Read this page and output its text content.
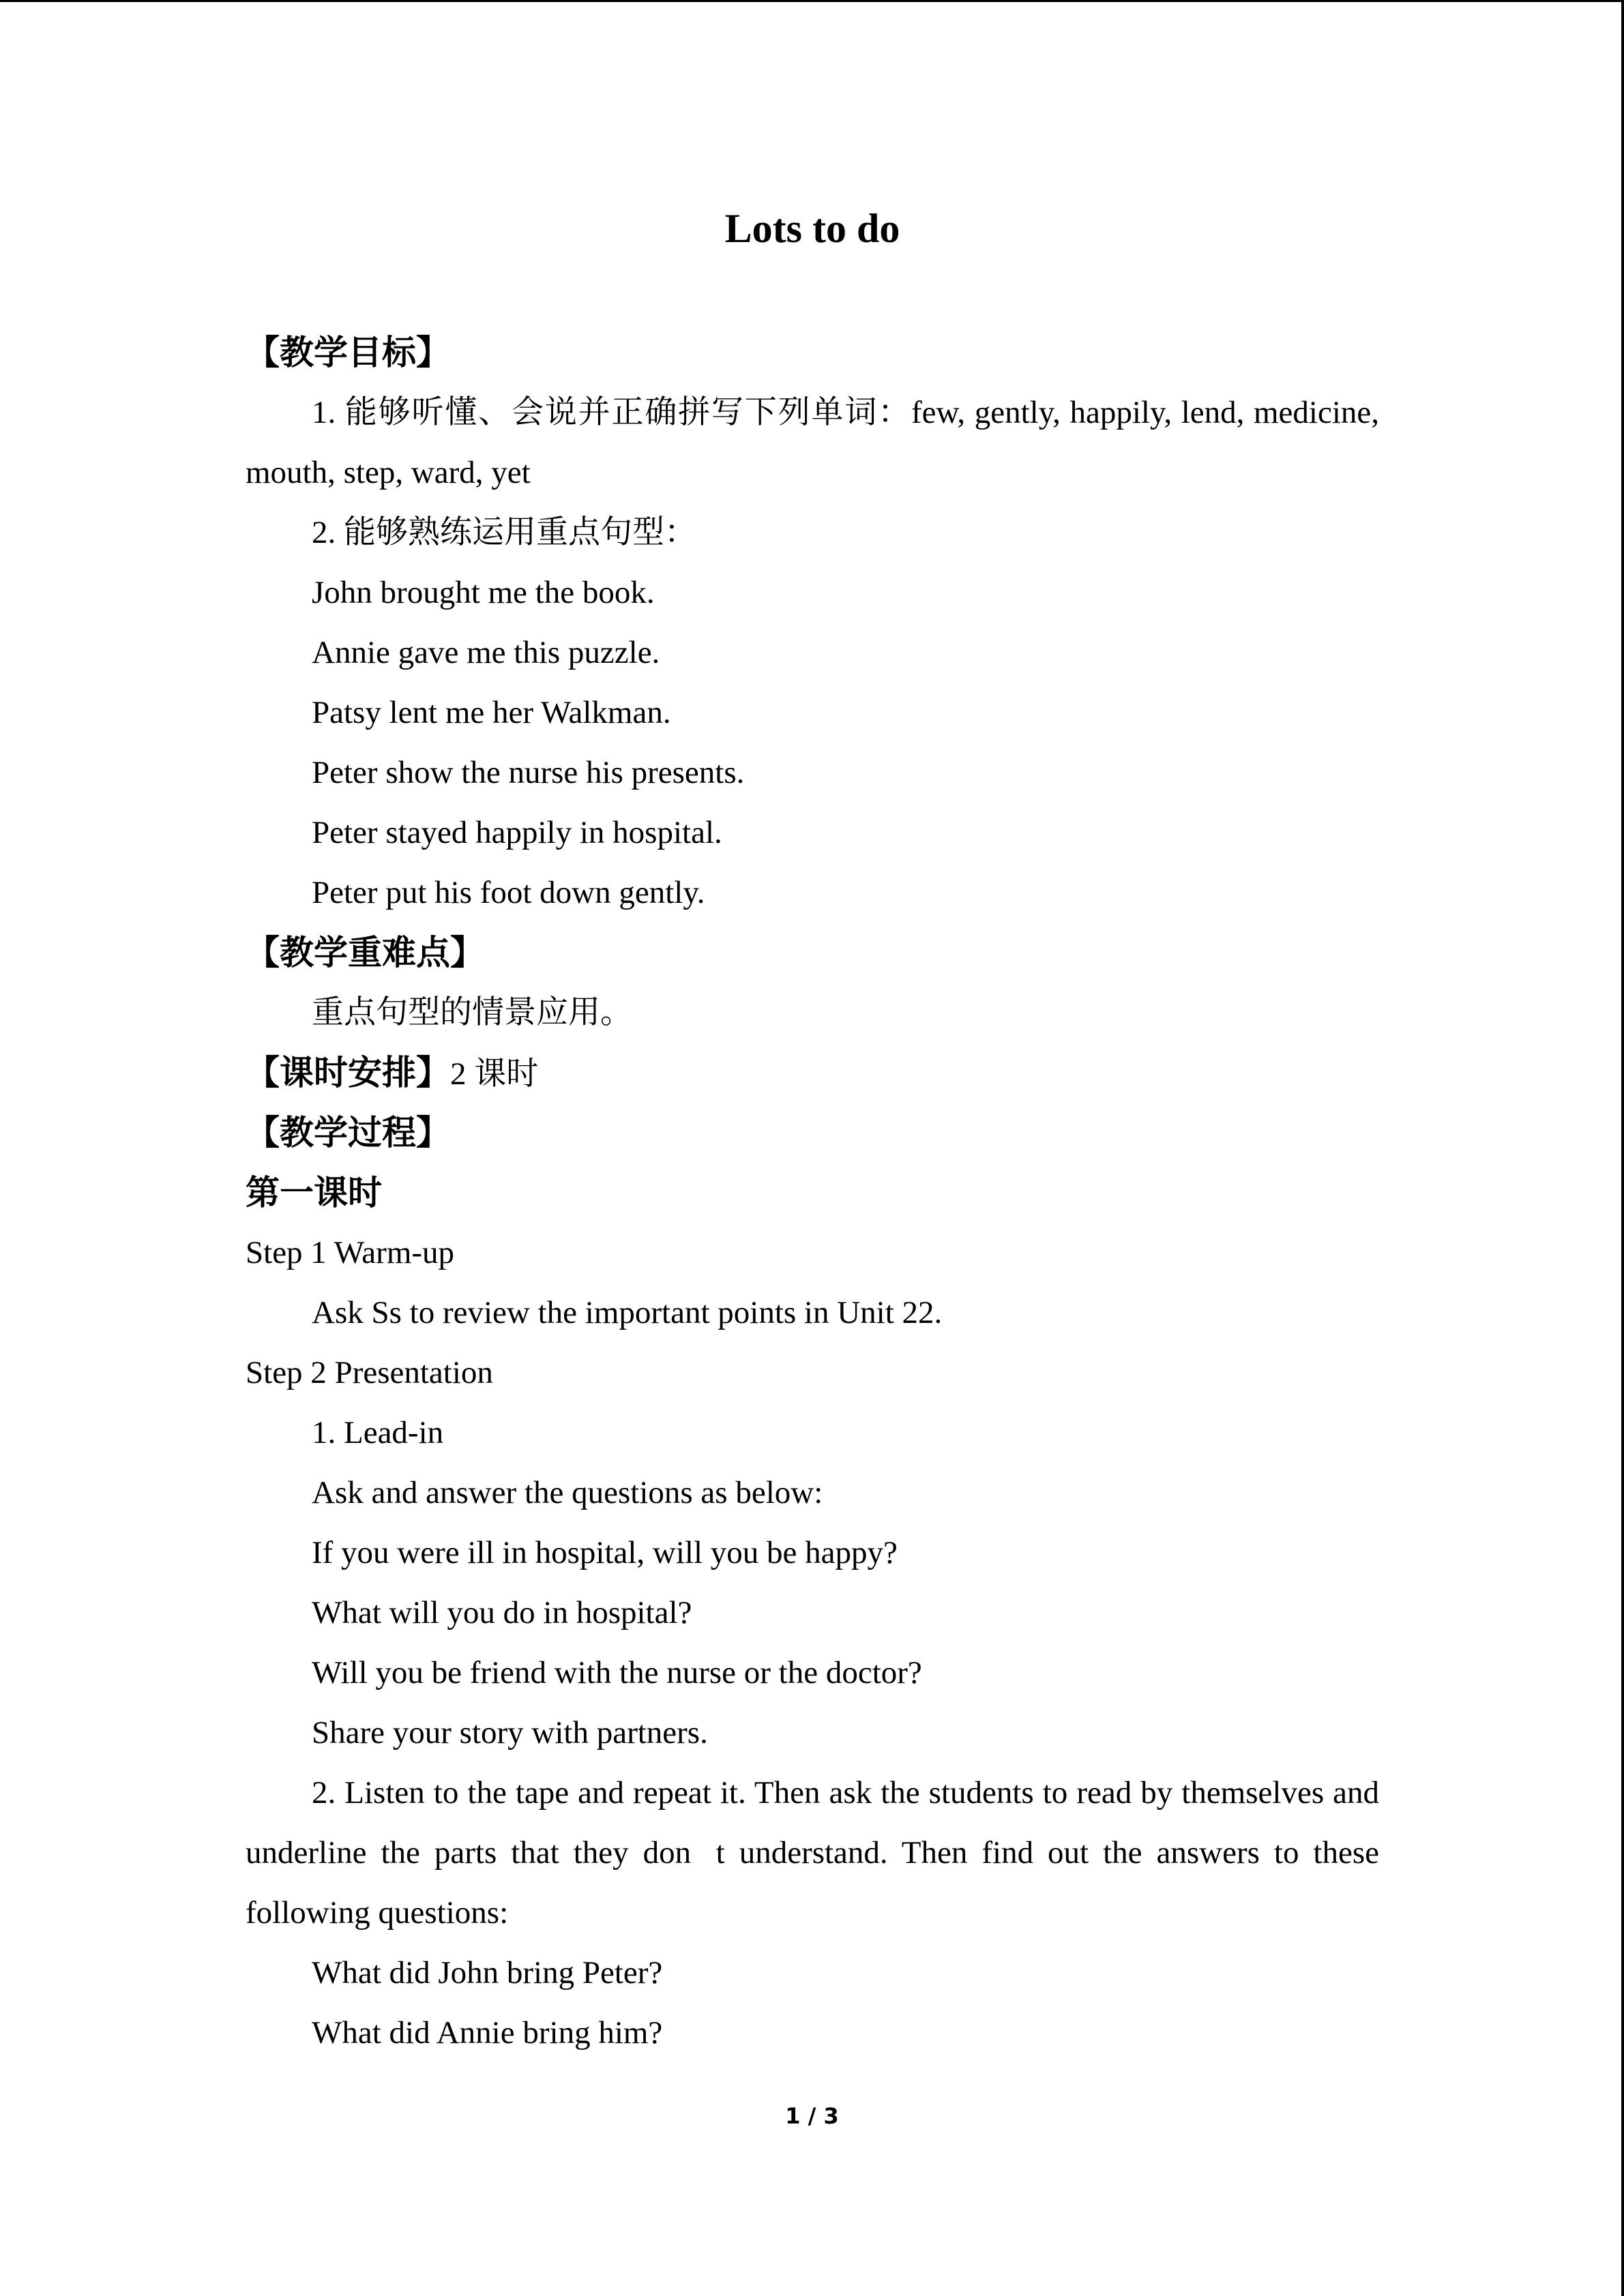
Lots to do
【教学目标】
1. 能够听懂、会说并正确拼写下列单词：few, gently, happily, lend, medicine,
mouth, step, ward, yet
2. 能够熟练运用重点句型：
John brought me the book.
Annie gave me this puzzle.
Patsy lent me her Walkman.
Peter show the nurse his presents.
Peter stayed happily in hospital.
Peter put his foot down gently.
【教学重难点】
重点句型的情景应用。
【课时安排】2 课时
【教学过程】
第一课时
Step 1 Warm-up
Ask Ss to review the important points in Unit 22.
Step 2 Presentation
1. Lead-in
Ask and answer the questions as below:
If you were ill in hospital, will you be happy?
What will you do in hospital?
Will you be friend with the nurse or the doctor?
Share your story with partners.
2. Listen to the tape and repeat it. Then ask the students to read by themselves and
underline the parts that they don t understand. Then find out the answers to these
following questions:
What did John bring Peter?
What did Annie bring him?
1 / 3
